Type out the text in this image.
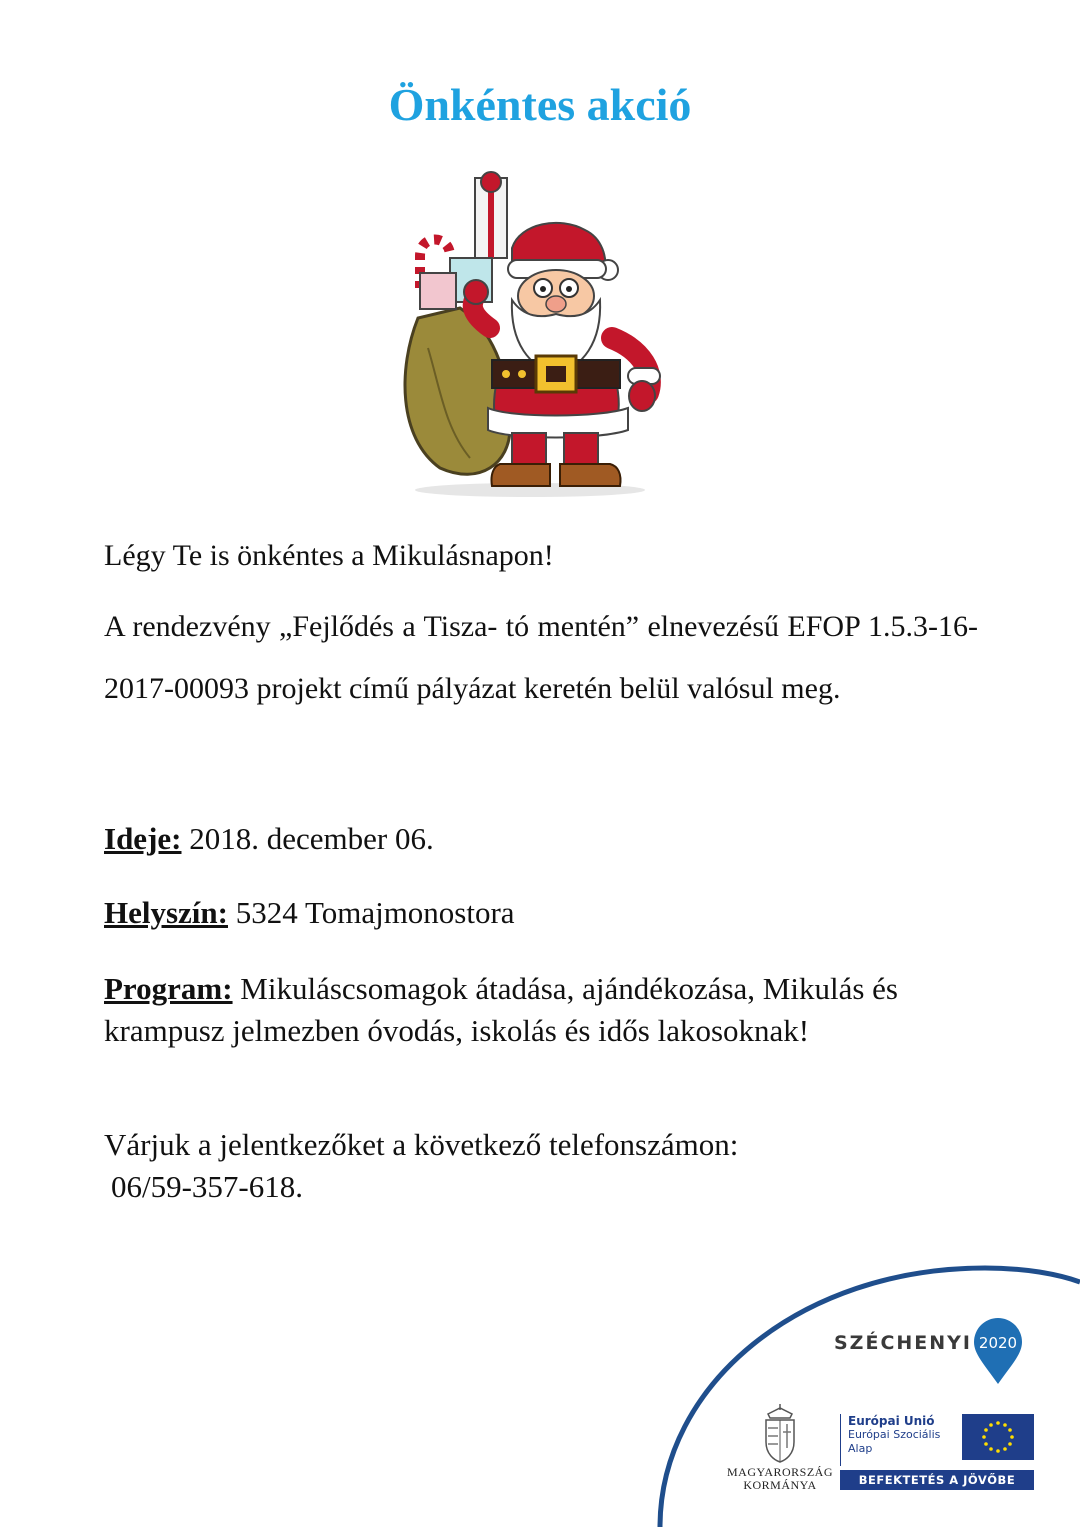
Önkéntes akció
Légy Te is önkéntes a Mikulásnapon!
A rendezvény „Fejlődés a Tisza- tó mentén” elnevezésű EFOP 1.5.3-16-2017-00093 projekt című pályázat keretén belül valósul meg.
Ideje: 2018. december 06.
Helyszín: 5324 Tomajmonostora
Program: Mikuláscsomagok átadása, ajándékozása, Mikulás és krampusz jelmezben óvodás, iskolás és idős lakosoknak!
Várjuk a jelentkezőket a következő telefonszámon:
06/59-357-618.
SZÉCHENYI 2020
MAGYARORSZÁG
KORMÁNYA
Európai Unió
Európai Szociális
Alap
BEFEKTETÉS A JÖVŐBE
